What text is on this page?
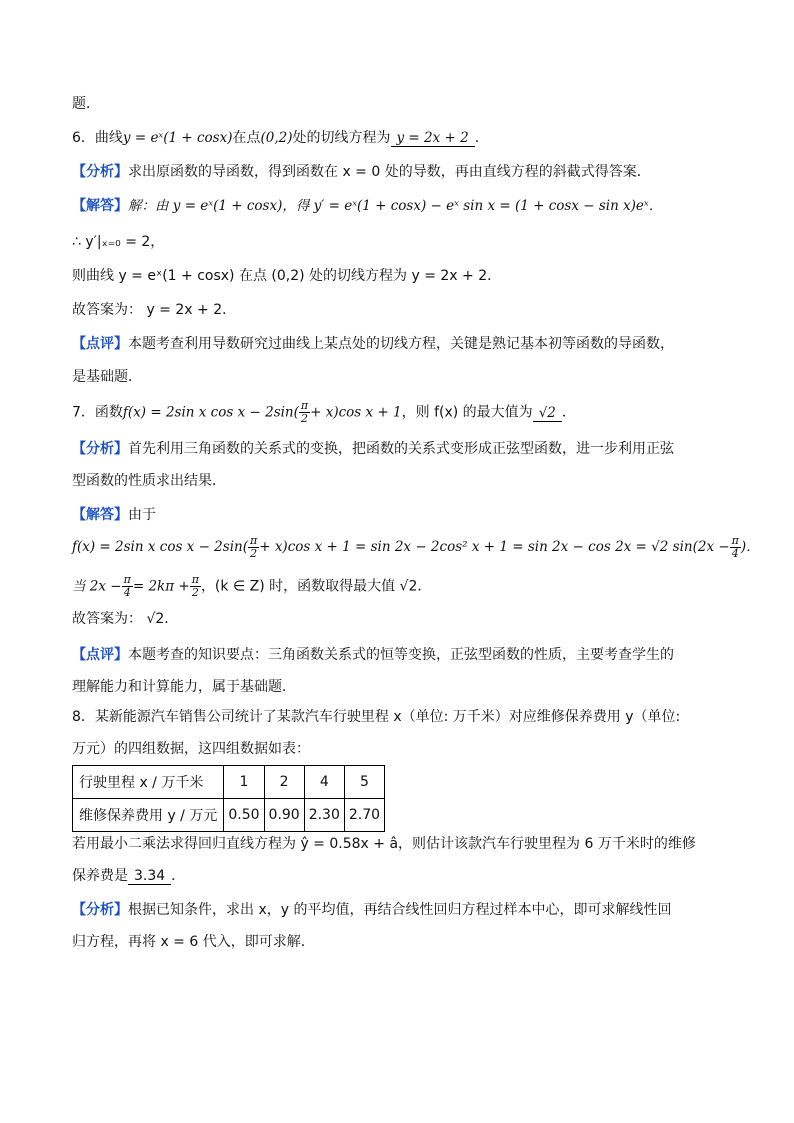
题．

6．曲线y = eˣ(1 + cosx)在点(0,2)处的切线方程为 y = 2x + 2 ．

【分析】求出原函数的导函数，得到函数在 x = 0 处的导数，再由直线方程的斜截式得答案．

【解答】解：由 y = eˣ(1 + cosx)，得 y′ = eˣ(1 + cosx) − eˣ sin x = (1 + cosx − sin x)eˣ．

∴ y′|ₓ₌₀ = 2，

则曲线 y = eˣ(1 + cosx) 在点 (0,2) 处的切线方程为 y = 2x + 2．

故答案为： y = 2x + 2．

【点评】本题考查利用导数研究过曲线上某点处的切线方程，关键是熟记基本初等函数的导函数，

是基础题．

7．函数f(x) = 2sin x $\cos x - 2\sin( \frac{\pi}{2} + x)\cos$ x + 1，则 f(x) 的最大值为 √2 ．

【分析】首先利用三角函数的关系式的变换，把函数的关系式变形成正弦型函数，进一步利用正弦

型函数的性质求出结果．

【解答】由于

f(x) = 2sin x $\cos x - 2\sin( \frac{\pi}{2} + x)\cos$ x + 1 = sin 2x − 2cos² x + 1 = sin 2x − cos 2x = √2 $\sin(2x - \frac{\pi}{4}$ )．

当 $2x - \frac{\pi}{4} = 2k\pi + \frac{\pi}{2}$ ，(k ∈ Z) 时，函数取得最大值 √2．

故答案为： √2．

【点评】本题考查的知识要点：三角函数关系式的恒等变换，正弦型函数的性质，主要考查学生的

理解能力和计算能力，属于基础题．

8．某新能源汽车销售公司统计了某款汽车行驶里程 x（单位: 万千米）对应维修保养费用 y（单位:

万元）的四组数据，这四组数据如表：

行驶里程 x / 万千米	1	2	4	5
维修保养费用 y / 万元	0.50	0.90	2.30	2.70

若用最小二乘法求得回归直线方程为 ŷ = 0.58x + â，则估计该款汽车行驶里程为 6 万千米时的维修

保养费是 3.34 ．

【分析】根据已知条件，求出 x，y 的平均值，再结合线性回归方程过样本中心，即可求解线性回

归方程，再将 x = 6 代入，即可求解．
